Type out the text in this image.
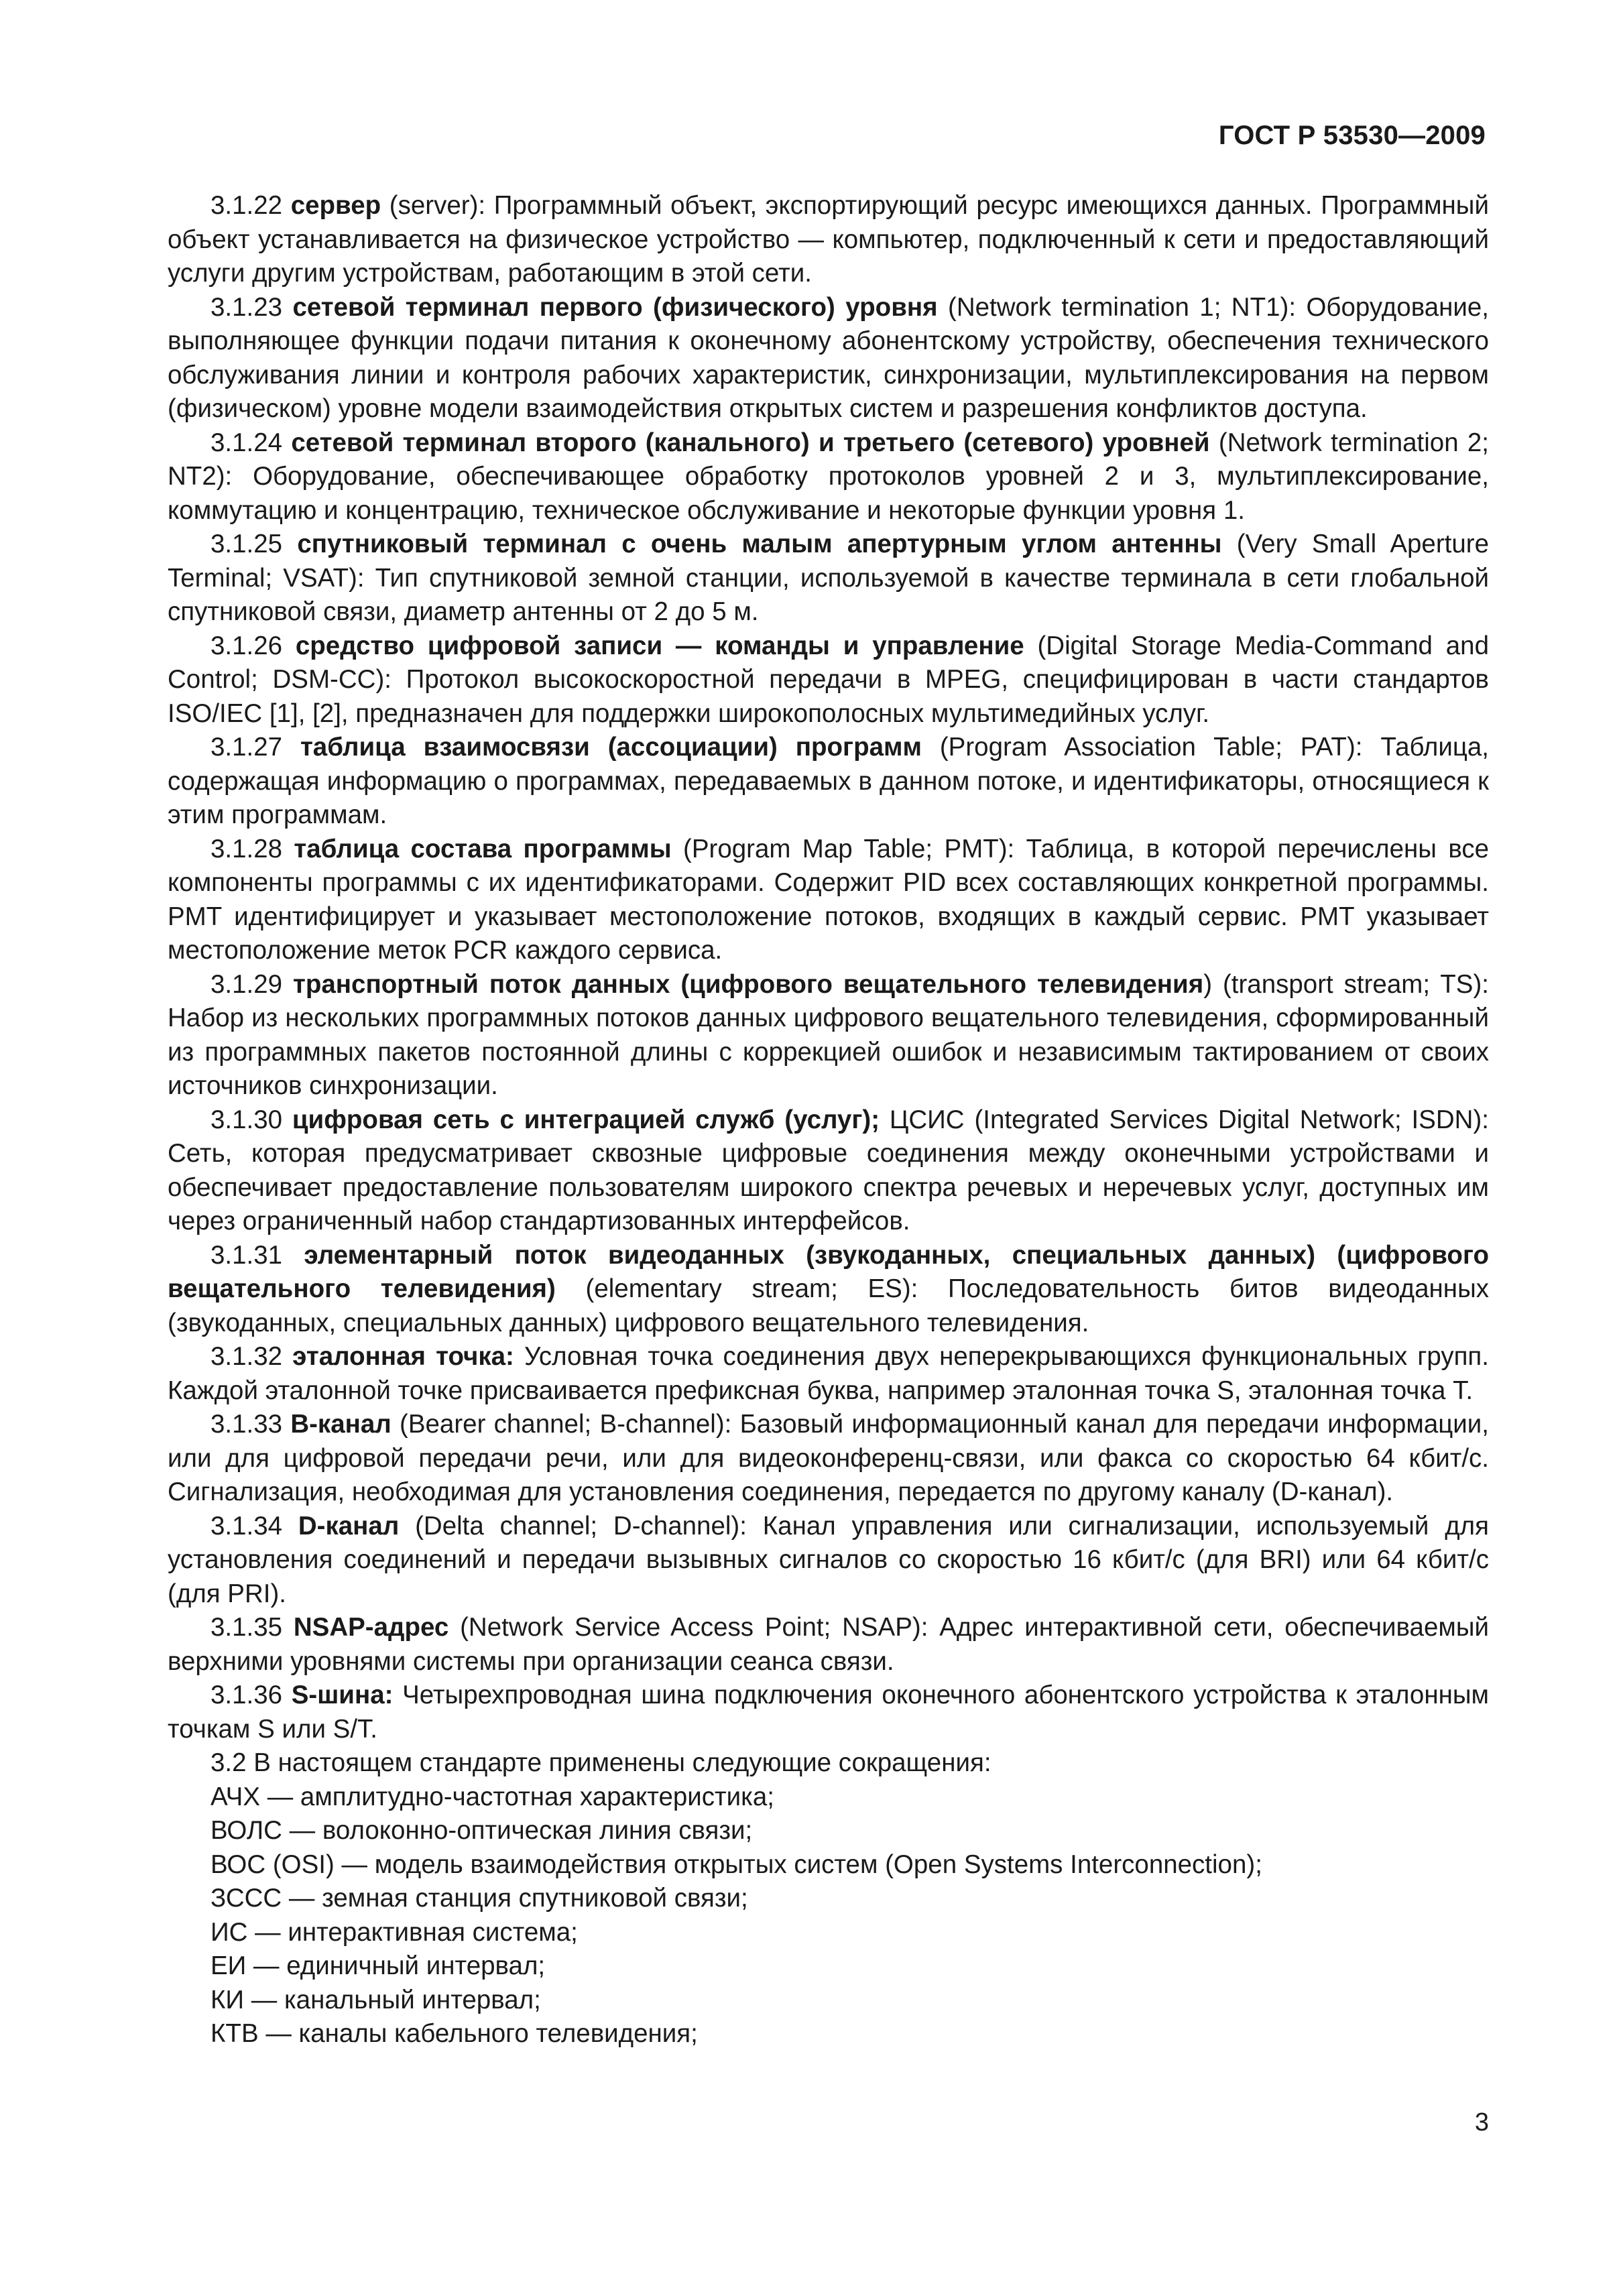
ГОСТ Р 53530—2009

3.1.22 сервер (server): Программный объект, экспортирующий ресурс имеющихся данных. Программный объект устанавливается на физическое устройство — компьютер, подключенный к сети и предоставляющий услуги другим устройствам, работающим в этой сети.

3.1.23 сетевой терминал первого (физического) уровня (Network termination 1; NT1): Оборудование, выполняющее функции подачи питания к оконечному абонентскому устройству, обеспечения технического обслуживания линии и контроля рабочих характеристик, синхронизации, мультиплексирования на первом (физическом) уровне модели взаимодействия открытых систем и разрешения конфликтов доступа.

3.1.24 сетевой терминал второго (канального) и третьего (сетевого) уровней (Network termination 2; NT2): Оборудование, обеспечивающее обработку протоколов уровней 2 и 3, мультиплексирование, коммутацию и концентрацию, техническое обслуживание и некоторые функции уровня 1.

3.1.25 спутниковый терминал с очень малым апертурным углом антенны (Very Small Aperture Terminal; VSAT): Тип спутниковой земной станции, используемой в качестве терминала в сети глобальной спутниковой связи, диаметр антенны от 2 до 5 м.

3.1.26 средство цифровой записи — команды и управление (Digital Storage Media-Command and Control; DSM-CC): Протокол высокоскоростной передачи в MPEG, специфицирован в части стандартов ISO/IEC [1], [2], предназначен для поддержки широкополосных мультимедийных услуг.

3.1.27 таблица взаимосвязи (ассоциации) программ (Program Association Table; PAT): Таблица, содержащая информацию о программах, передаваемых в данном потоке, и идентификаторы, относящиеся к этим программам.

3.1.28 таблица состава программы (Program Map Table; PMT): Таблица, в которой перечислены все компоненты программы с их идентификаторами. Содержит PID всех составляющих конкретной программы. PMT идентифицирует и указывает местоположение потоков, входящих в каждый сервис. PMT указывает местоположение меток PCR каждого сервиса.

3.1.29 транспортный поток данных (цифрового вещательного телевидения) (transport stream; TS): Набор из нескольких программных потоков данных цифрового вещательного телевидения, сформированный из программных пакетов постоянной длины с коррекцией ошибок и независимым тактированием от своих источников синхронизации.

3.1.30 цифровая сеть с интеграцией служб (услуг); ЦСИС (Integrated Services Digital Network; ISDN): Сеть, которая предусматривает сквозные цифровые соединения между оконечными устройствами и обеспечивает предоставление пользователям широкого спектра речевых и неречевых услуг, доступных им через ограниченный набор стандартизованных интерфейсов.

3.1.31 элементарный поток видеоданных (звукоданных, специальных данных) (цифрового вещательного телевидения) (elementary stream; ES): Последовательность битов видеоданных (звукоданных, специальных данных) цифрового вещательного телевидения.

3.1.32 эталонная точка: Условная точка соединения двух неперекрывающихся функциональных групп. Каждой эталонной точке присваивается префиксная буква, например эталонная точка S, эталонная точка T.

3.1.33 B-канал (Bearer channel; B-channel): Базовый информационный канал для передачи информации, или для цифровой передачи речи, или для видеоконференц-связи, или факса со скоростью 64 кбит/с. Сигнализация, необходимая для установления соединения, передается по другому каналу (D-канал).

3.1.34 D-канал (Delta channel; D-channel): Канал управления или сигнализации, используемый для установления соединений и передачи вызывных сигналов со скоростью 16 кбит/с (для BRI) или 64 кбит/с (для PRI).

3.1.35 NSAP-адрес (Network Service Access Point; NSAP): Адрес интерактивной сети, обеспечиваемый верхними уровнями системы при организации сеанса связи.

3.1.36 S-шина: Четырехпроводная шина подключения оконечного абонентского устройства к эталонным точкам S или S/T.

3.2 В настоящем стандарте применены следующие сокращения:

АЧХ — амплитудно-частотная характеристика;

ВОЛС — волоконно-оптическая линия связи;

ВОС (OSI) — модель взаимодействия открытых систем (Open Systems Interconnection);

ЗССС — земная станция спутниковой связи;

ИС — интерактивная система;

ЕИ — единичный интервал;

КИ — канальный интервал;

КТВ — каналы кабельного телевидения;

3
